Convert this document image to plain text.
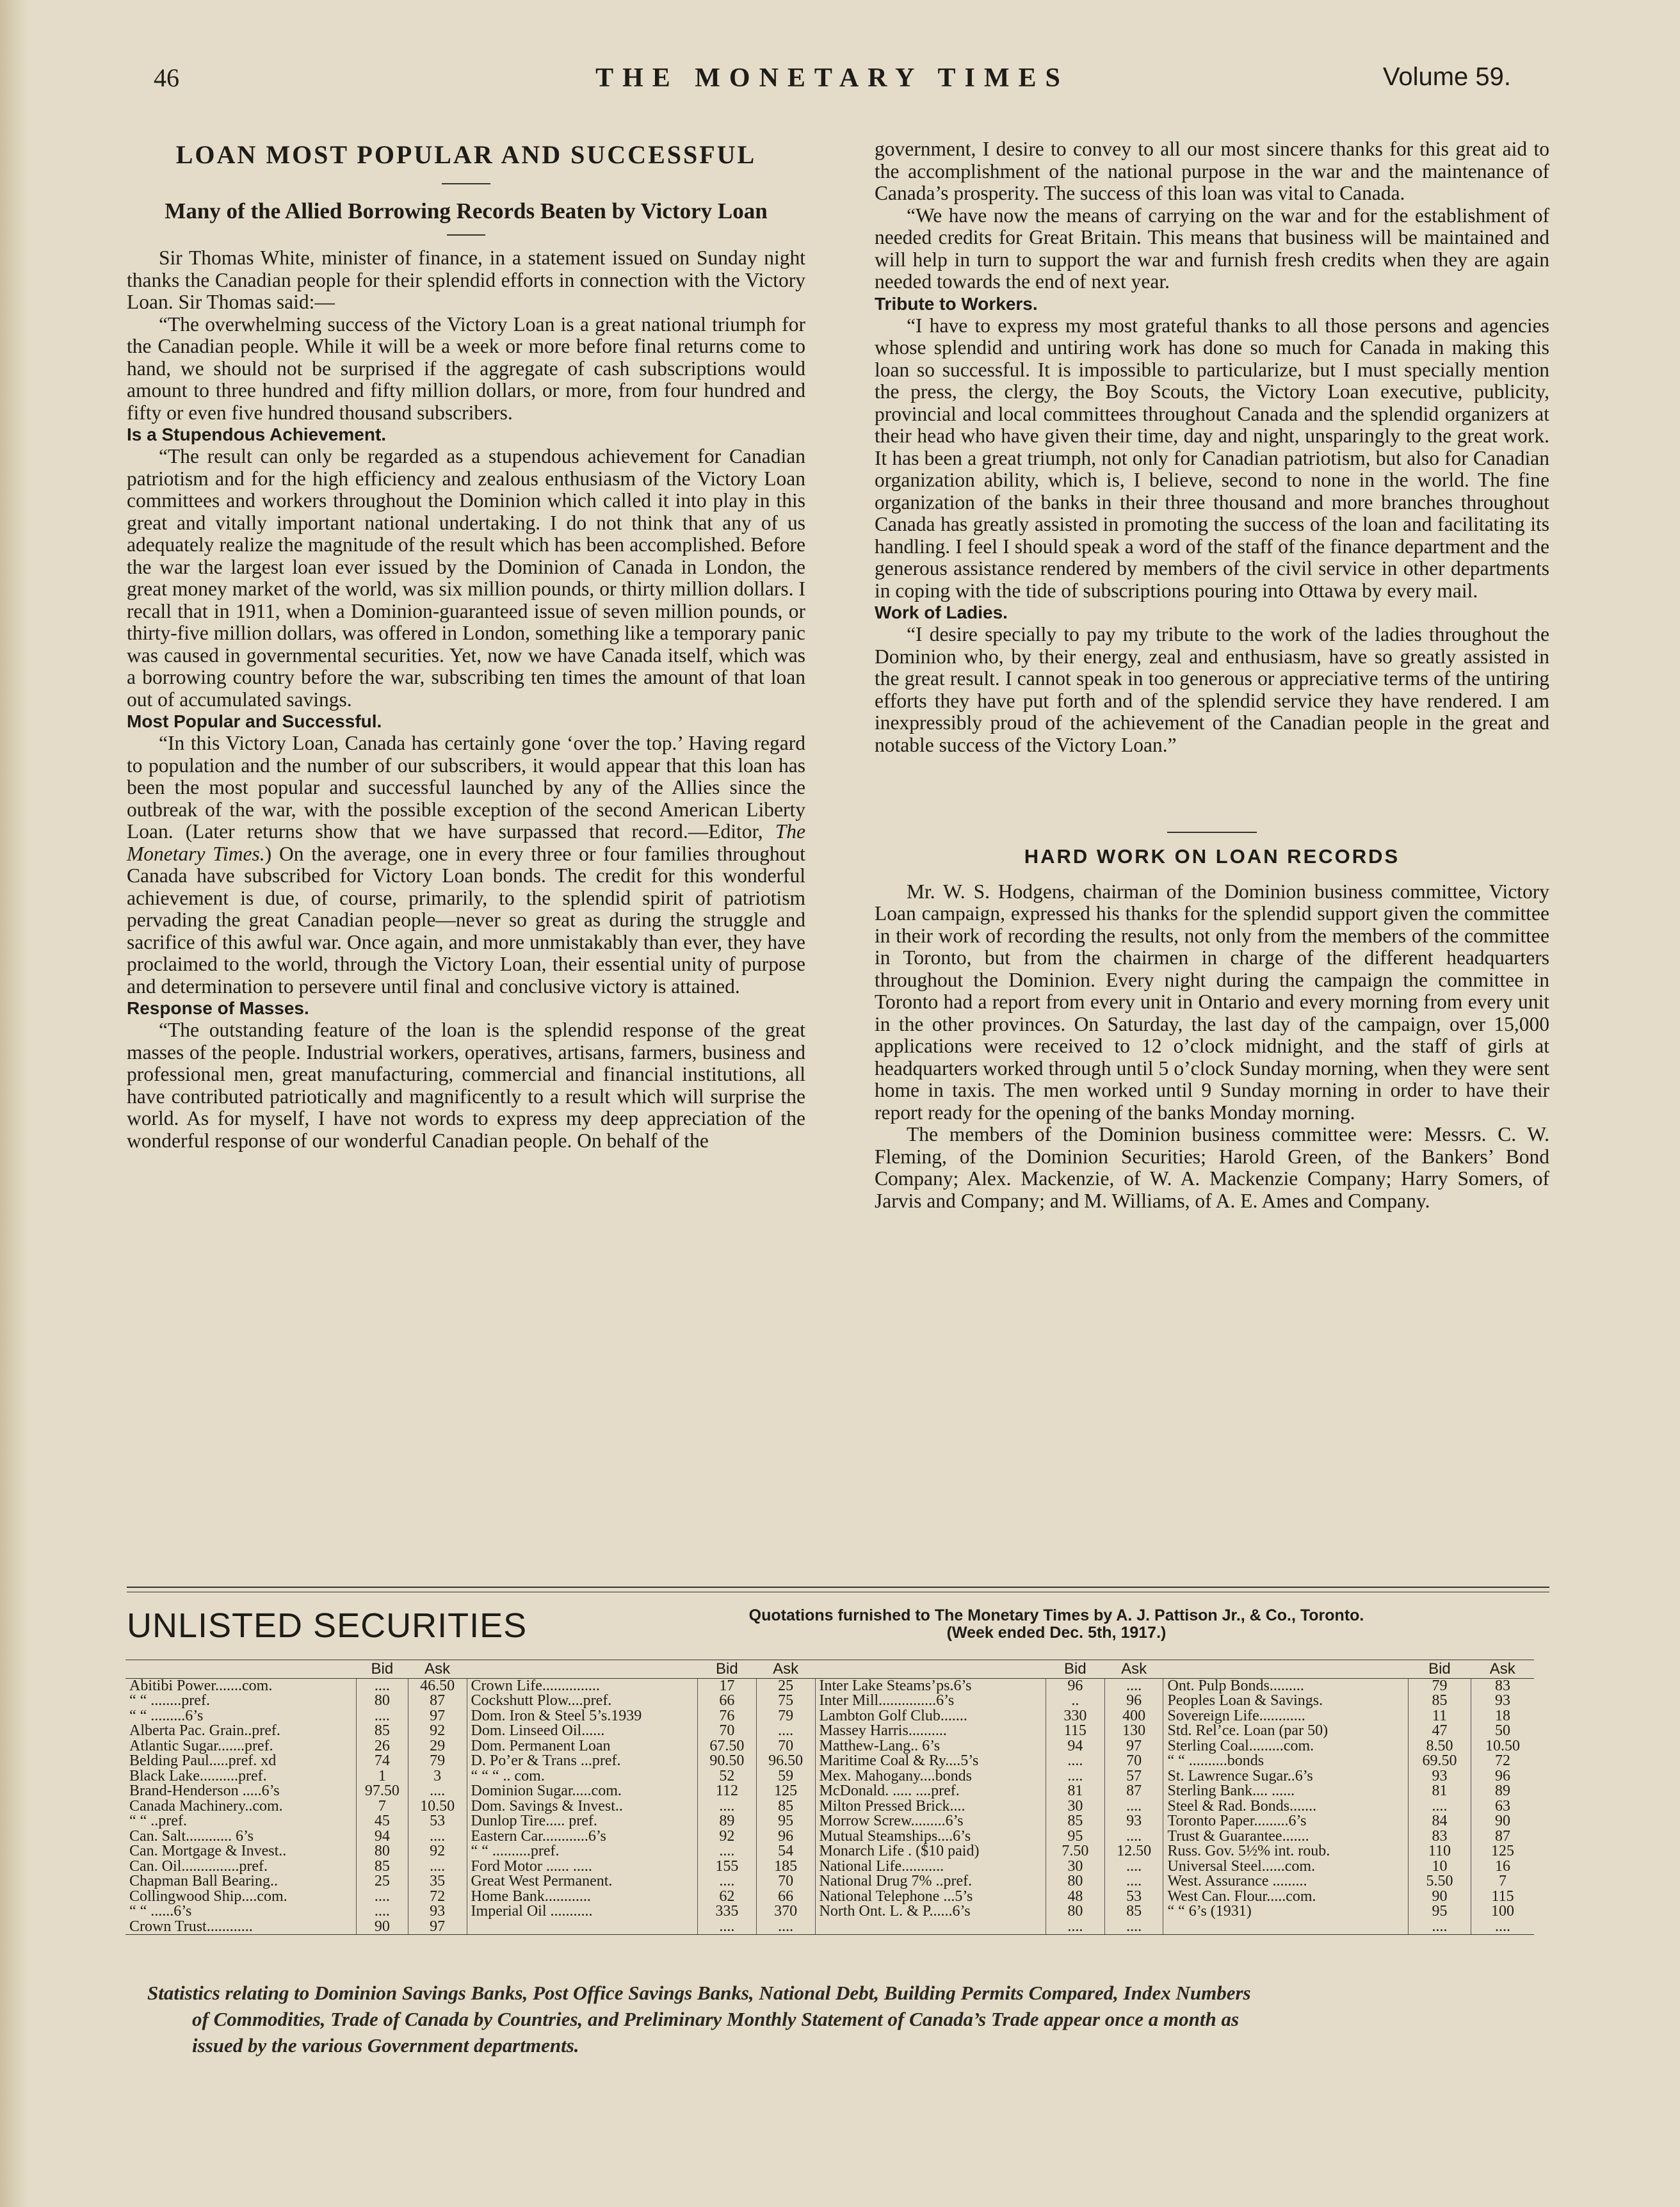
46	THE MONETARY TIMES	Volume 59.
LOAN MOST POPULAR AND SUCCESSFUL
Many of the Allied Borrowing Records Beaten by Victory Loan

Sir Thomas White, minister of finance, in a statement issued on Sunday night thanks the Canadian people for their splendid efforts in connection with the Victory Loan. Sir Thomas said:—

“The overwhelming success of the Victory Loan is a great national triumph for the Canadian people. While it will be a week or more before final returns come to hand, we should not be surprised if the aggregate of cash subscriptions would amount to three hundred and fifty million dollars, or more, from four hundred and fifty or even five hundred thousand subscribers.

Is a Stupendous Achievement.

“The result can only be regarded as a stupendous achievement for Canadian patriotism and for the high efficiency and zealous enthusiasm of the Victory Loan committees and workers throughout the Dominion which called it into play in this great and vitally important national undertaking. I do not think that any of us adequately realize the magnitude of the result which has been accomplished. Before the war the largest loan ever issued by the Dominion of Canada in London, the great money market of the world, was six million pounds, or thirty million dollars. I recall that in 1911, when a Dominion-guaranteed issue of seven million pounds, or thirty-five million dollars, was offered in London, something like a temporary panic was caused in governmental securities. Yet, now we have Canada itself, which was a borrowing country before the war, subscribing ten times the amount of that loan out of accumulated savings.

Most Popular and Successful.

“In this Victory Loan, Canada has certainly gone ‘over the top.’ Having regard to population and the number of our subscribers, it would appear that this loan has been the most popular and successful launched by any of the Allies since the outbreak of the war, with the possible exception of the second American Liberty Loan. (Later returns show that we have surpassed that record.—Editor, The Monetary Times.) On the average, one in every three or four families throughout Canada have subscribed for Victory Loan bonds. The credit for this wonderful achievement is due, of course, primarily, to the splendid spirit of patriotism pervading the great Canadian people—never so great as during the struggle and sacrifice of this awful war. Once again, and more unmistakably than ever, they have proclaimed to the world, through the Victory Loan, their essential unity of purpose and determination to persevere until final and conclusive victory is attained.

Response of Masses.

“The outstanding feature of the loan is the splendid response of the great masses of the people. Industrial workers, operatives, artisans, farmers, business and professional men, great manufacturing, commercial and financial institutions, all have contributed patriotically and magnificently to a result which will surprise the world. As for myself, I have not words to express my deep appreciation of the wonderful response of our wonderful Canadian people. On behalf of the

government, I desire to convey to all our most sincere thanks for this great aid to the accomplishment of the national purpose in the war and the maintenance of Canada’s prosperity. The success of this loan was vital to Canada.

“We have now the means of carrying on the war and for the establishment of needed credits for Great Britain. This means that business will be maintained and will help in turn to support the war and furnish fresh credits when they are again needed towards the end of next year.

Tribute to Workers.

“I have to express my most grateful thanks to all those persons and agencies whose splendid and untiring work has done so much for Canada in making this loan so successful. It is impossible to particularize, but I must specially mention the press, the clergy, the Boy Scouts, the Victory Loan executive, publicity, provincial and local committees throughout Canada and the splendid organizers at their head who have given their time, day and night, unsparingly to the great work. It has been a great triumph, not only for Canadian patriotism, but also for Canadian organization ability, which is, I believe, second to none in the world. The fine organization of the banks in their three thousand and more branches throughout Canada has greatly assisted in promoting the success of the loan and facilitating its handling. I feel I should speak a word of the staff of the finance department and the generous assistance rendered by members of the civil service in other departments in coping with the tide of subscriptions pouring into Ottawa by every mail.

Work of Ladies.

“I desire specially to pay my tribute to the work of the ladies throughout the Dominion who, by their energy, zeal and enthusiasm, have so greatly assisted in the great result. I cannot speak in too generous or appreciative terms of the untiring efforts they have put forth and of the splendid service they have rendered. I am inexpressibly proud of the achievement of the Canadian people in the great and notable success of the Victory Loan.”

HARD WORK ON LOAN RECORDS

Mr. W. S. Hodgens, chairman of the Dominion business committee, Victory Loan campaign, expressed his thanks for the splendid support given the committee in their work of recording the results, not only from the members of the committee in Toronto, but from the chairmen in charge of the different headquarters throughout the Dominion. Every night during the campaign the committee in Toronto had a report from every unit in Ontario and every morning from every unit in the other provinces. On Saturday, the last day of the campaign, over 15,000 applications were received to 12 o’clock midnight, and the staff of girls at headquarters worked through until 5 o’clock Sunday morning, when they were sent home in taxis. The men worked until 9 Sunday morning in order to have their report ready for the opening of the banks Monday morning.

The members of the Dominion business committee were: Messrs. C. W. Fleming, of the Dominion Securities; Harold Green, of the Bankers’ Bond Company; Alex. Mackenzie, of W. A. Mackenzie Company; Harry Somers, of Jarvis and Company; and M. Williams, of A. E. Ames and Company.

UNLISTED SECURITIES	Quotations furnished to The Monetary Times by A. J. Pattison Jr., & Co., Toronto.
(Week ended Dec. 5th, 1917.)
	Bid	Ask		Bid	Ask		Bid	Ask		Bid	Ask
Abitibi Power.......com.	....	46.50	Crown Life...............	17	25	Inter Lake Steams’ps.6’s	96	....	Ont. Pulp Bonds.........	79	83
“ “ ........pref.	80	87	Cockshutt Plow....pref.	66	75	Inter Mill...............6’s	..	96	Peoples Loan & Savings.	85	93
“ “ .........6’s	....	97	Dom. Iron & Steel 5’s.1939	76	79	Lambton Golf Club.......	330	400	Sovereign Life............	11	18
Alberta Pac. Grain..pref.	85	92	Dom. Linseed Oil......	70	....	Massey Harris..........	115	130	Std. Rel’ce. Loan (par 50)	47	50
Atlantic Sugar.......pref.	26	29	Dom. Permanent Loan	67.50	70	Matthew-Lang.. 6’s	94	97	Sterling Coal.........com.	8.50	10.50
Belding Paul.....pref. xd	74	79	D. Po’er & Trans ...pref.	90.50	96.50	Maritime Coal & Ry....5’s	....	70	“ “ ..........bonds	69.50	72
Black Lake..........pref.	1	3	“ “ “ .. com.	52	59	Mex. Mahogany....bonds	....	57	St. Lawrence Sugar..6’s	93	96
Brand-Henderson .....6’s	97.50	....	Dominion Sugar.....com.	112	125	McDonald. ..... ....pref.	81	87	Sterling Bank.... ......	81	89
Canada Machinery..com.	7	10.50	Dom. Savings & Invest..	....	85	Milton Pressed Brick....	30	....	Steel & Rad. Bonds.......	....	63
“ “ ..pref.	45	53	Dunlop Tire..... pref.	89	95	Morrow Screw.........6’s	85	93	Toronto Paper.........6’s	84	90
Can. Salt............ 6’s	94	....	Eastern Car............6’s	92	96	Mutual Steamships....6’s	95	....	Trust & Guarantee.......	83	87
Can. Mortgage & Invest..	80	92	“ “ ..........pref.	....	54	Monarch Life . ($10 paid)	7.50	12.50	Russ. Gov. 5½% int. roub.	110	125
Can. Oil...............pref.	85	....	Ford Motor ...... .....	155	185	National Life...........	30	....	Universal Steel......com.	10	16
Chapman Ball Bearing..	25	35	Great West Permanent.	....	70	National Drug 7% ..pref.	80	....	West. Assurance .........	5.50	7
Collingwood Ship....com.	....	72	Home Bank............	62	66	National Telephone ...5’s	48	53	West Can. Flour.....com.	90	115
“ “ ......6’s	....	93	Imperial Oil ...........	335	370	North Ont. L. & P......6’s	80	85	“ “ 6’s (1931)	95	100
Crown Trust............	90	97		....	....		....	....		....	....
Statistics relating to Dominion Savings Banks, Post Office Savings Banks, National Debt, Building Permits Compared, Index Numbers
of Commodities, Trade of Canada by Countries, and Preliminary Monthly Statement of Canada’s Trade appear once a month as
issued by the various Government departments.
